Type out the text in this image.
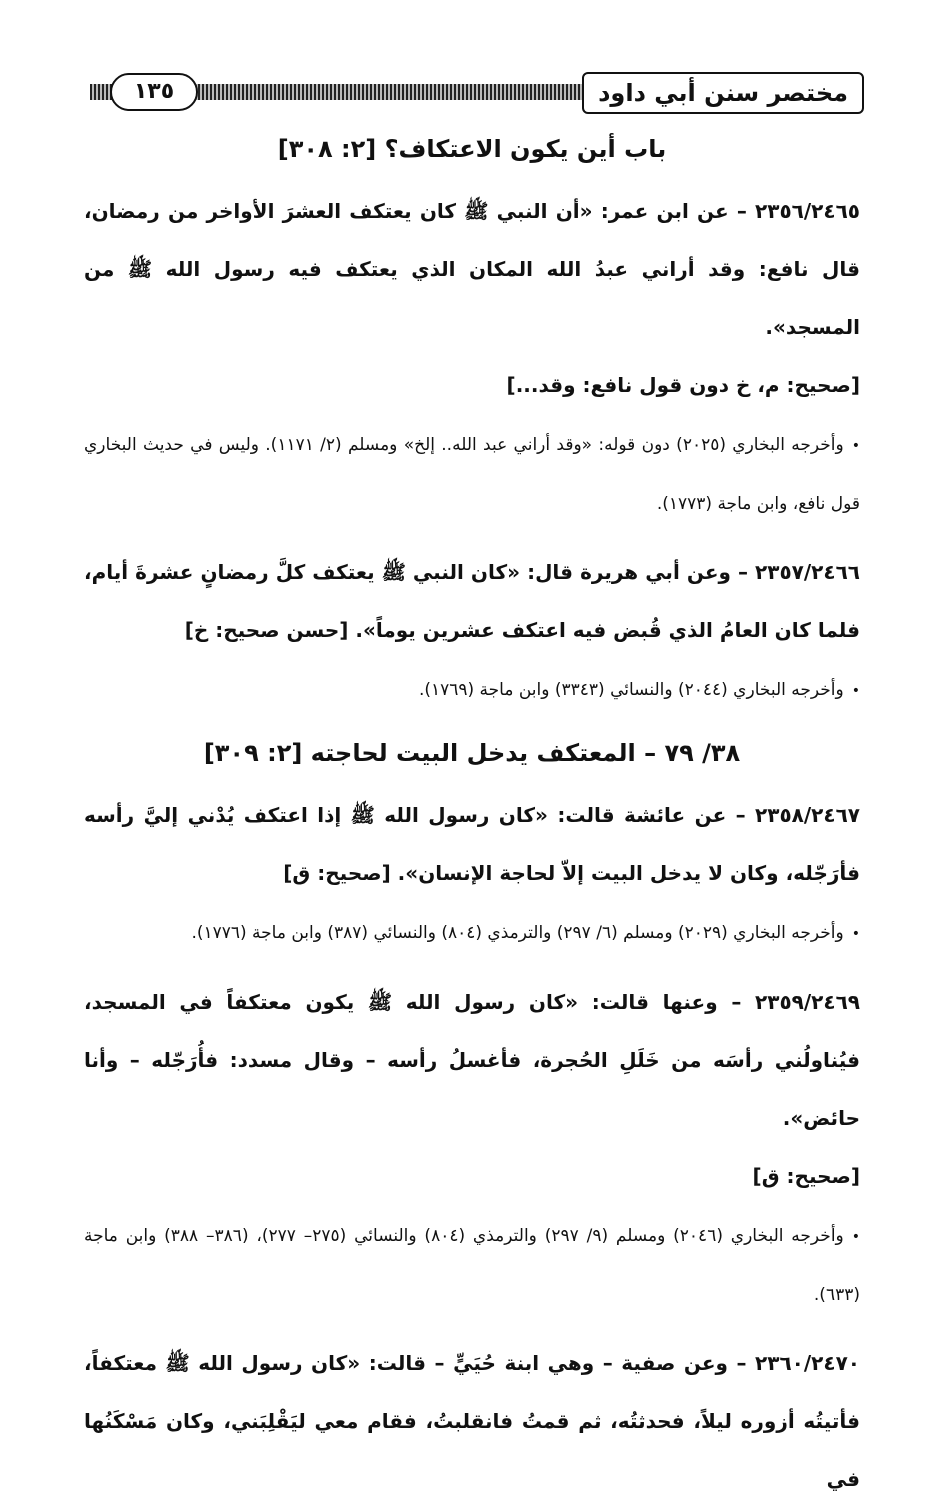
مختصر سنن أبي داود
١٣٥
باب أين يكون الاعتكاف؟ [٢: ٣٠٨]
٢٣٥٦/٢٤٦٥ – عن ابن عمر: «أن النبي ﷺ كان يعتكف العشرَ الأواخر من رمضان، قال نافع: وقد أراني عبدُ الله المكان الذي يعتكف فيه رسول الله ﷺ من المسجد».
[صحيح: م، خ دون قول نافع: وقد...]
•وأخرجه البخاري (٢٠٢٥) دون قوله: «وقد أراني عبد الله.. إلخ» ومسلم (٢/ ١١٧١). وليس في حديث البخاري قول نافع، وابن ماجة (١٧٧٣).
٢٣٥٧/٢٤٦٦ – وعن أبي هريرة قال: «كان النبي ﷺ يعتكف كلَّ رمضانٍ عشرةَ أيام، فلما كان العامُ الذي قُبض فيه اعتكف عشرين يوماً». [حسن صحيح: خ]
•وأخرجه البخاري (٢٠٤٤) والنسائي (٣٣٤٣) وابن ماجة (١٧٦٩).
٣٨/ ٧٩ – المعتكف يدخل البيت لحاجته [٢: ٣٠٩]
٢٣٥٨/٢٤٦٧ – عن عائشة قالت: «كان رسول الله ﷺ إذا اعتكف يُدْني إليَّ رأسه فأرَجّله، وكان لا يدخل البيت إلاّ لحاجة الإنسان». [صحيح: ق]
•وأخرجه البخاري (٢٠٢٩) ومسلم (٦/ ٢٩٧) والترمذي (٨٠٤) والنسائي (٣٨٧) وابن ماجة (١٧٧٦).
٢٣٥٩/٢٤٦٩ – وعنها قالت: «كان رسول الله ﷺ يكون معتكفاً في المسجد، فيُناولُني رأسَه من خَلَلِ الحُجرة، فأغسلُ رأسه – وقال مسدد: فأُرَجّله – وأنا حائض».
[صحيح: ق]
•وأخرجه البخاري (٢٠٤٦) ومسلم (٩/ ٢٩٧) والترمذي (٨٠٤) والنسائي (٢٧٥– ٢٧٧)، (٣٨٦– ٣٨٨) وابن ماجة (٦٣٣).
٢٣٦٠/٢٤٧٠ – وعن صفية – وهي ابنة حُيَيٍّ – قالت: «كان رسول الله ﷺ معتكفاً، فأتيتُه أزوره ليلاً، فحدثتُه، ثم قمتُ فانقلبتُ، فقام معي ليَقْلِبَني، وكان مَسْكَنُها في
